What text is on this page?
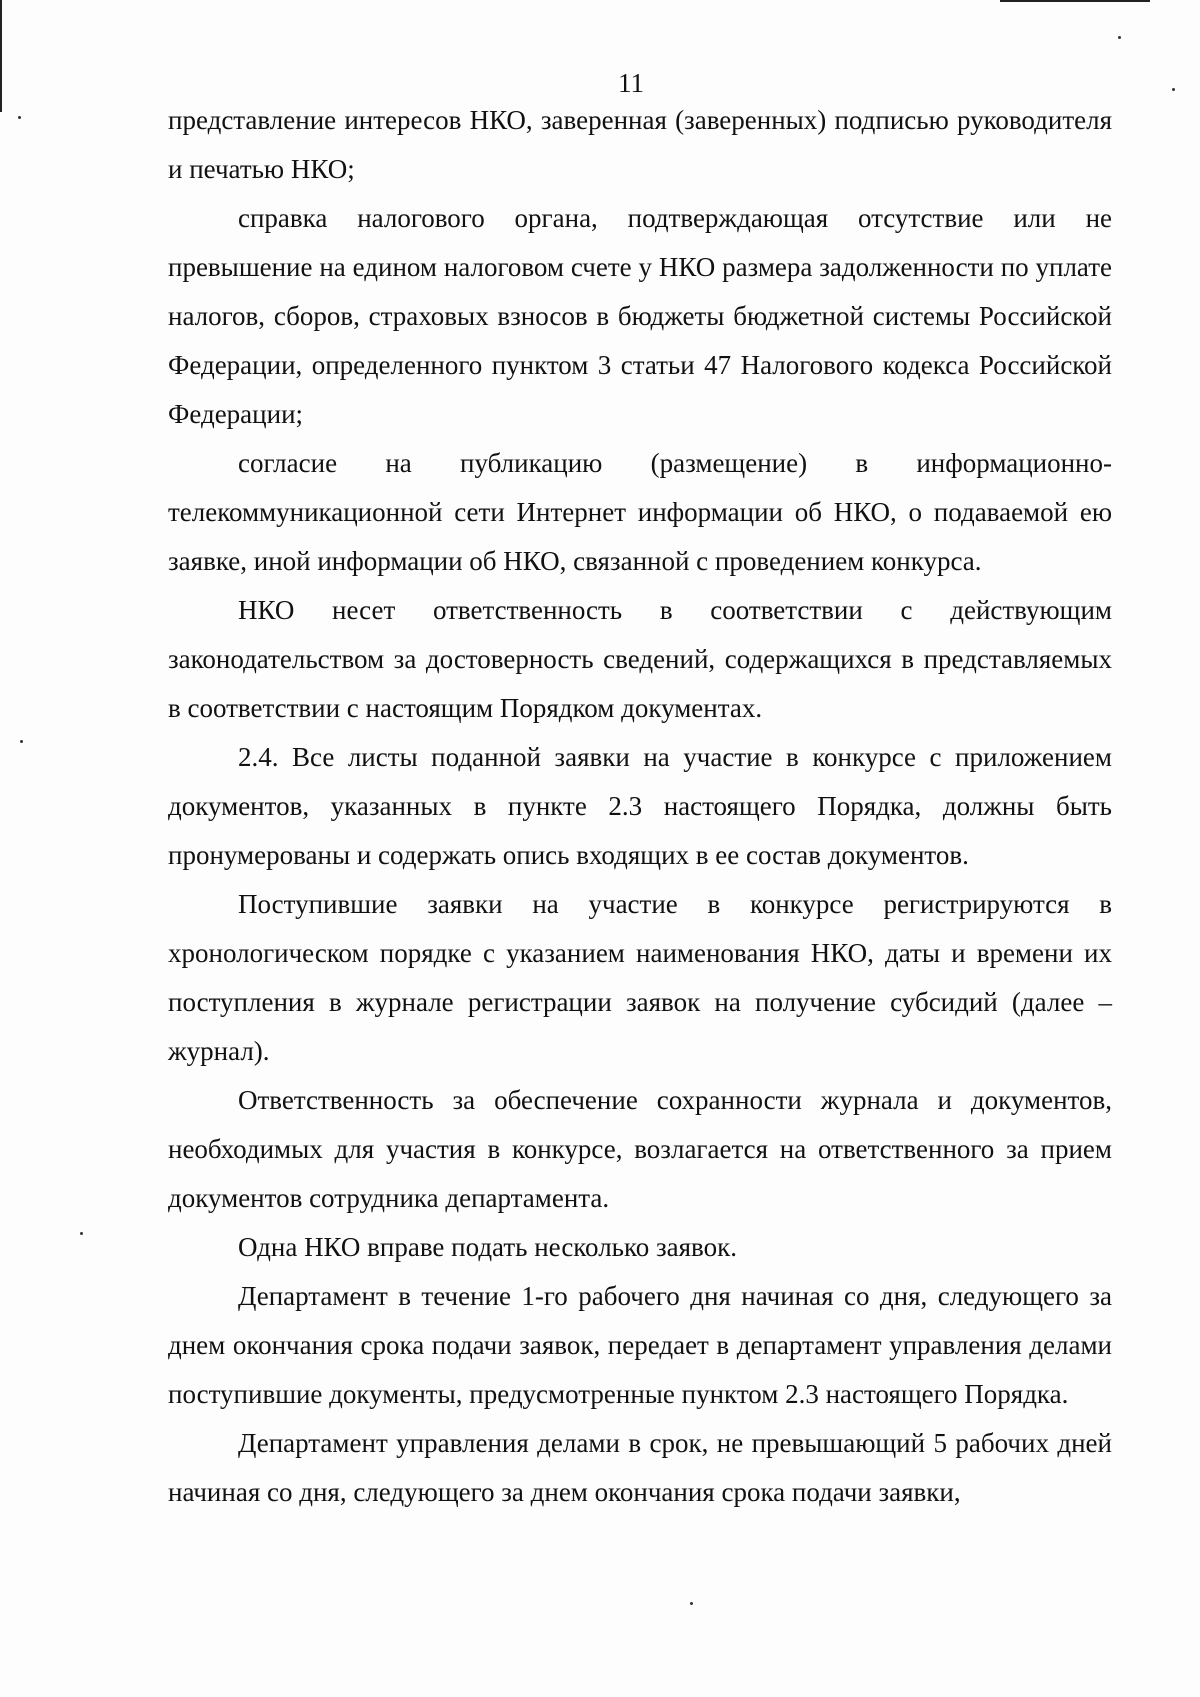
11

представление интересов НКО, заверенная (заверенных) подписью руководителя и печатью НКО;

справка налогового органа, подтверждающая отсутствие или не превышение на едином налоговом счете у НКО размера задолженности по уплате налогов, сборов, страховых взносов в бюджеты бюджетной системы Российской Федерации, определенного пунктом 3 статьи 47 Налогового кодекса Российской Федерации;

согласие на публикацию (размещение) в информационно-телекоммуникационной сети Интернет информации об НКО, о подаваемой ею заявке, иной информации об НКО, связанной с проведением конкурса.

НКО несет ответственность в соответствии с действующим законодательством за достоверность сведений, содержащихся в представляемых в соответствии с настоящим Порядком документах.

2.4. Все листы поданной заявки на участие в конкурсе с приложением документов, указанных в пункте 2.3 настоящего Порядка, должны быть пронумерованы и содержать опись входящих в ее состав документов.

Поступившие заявки на участие в конкурсе регистрируются в хронологическом порядке с указанием наименования НКО, даты и времени их поступления в журнале регистрации заявок на получение субсидий (далее – журнал).

Ответственность за обеспечение сохранности журнала и документов, необходимых для участия в конкурсе, возлагается на ответственного за прием документов сотрудника департамента.

Одна НКО вправе подать несколько заявок.

Департамент в течение 1-го рабочего дня начиная со дня, следующего за днем окончания срока подачи заявок, передает в департамент управления делами поступившие документы, предусмотренные пунктом 2.3 настоящего Порядка.

Департамент управления делами в срок, не превышающий 5 рабочих дней начиная со дня, следующего за днем окончания срока подачи заявки,
